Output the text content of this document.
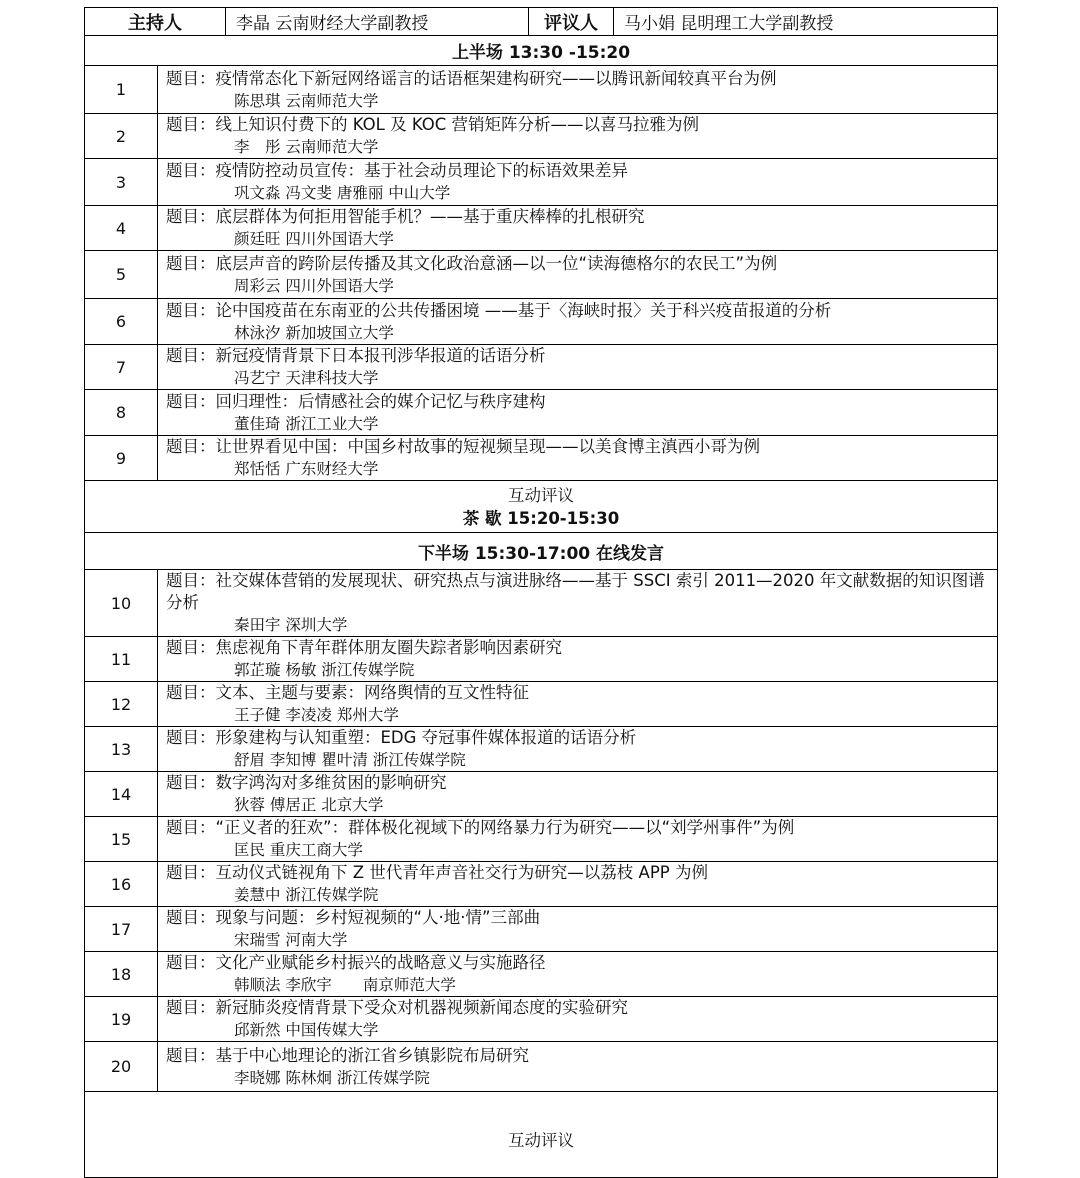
主持人		李晶 云南财经大学副教授	评议人	马小娟 昆明理工大学副教授
上半场 13:30 -15:20				
1	题目：疫情常态化下新冠网络谣言的话语框架建构研究——以腾讯新闻较真平台为例
陈思琪 云南师范大学			

2	题目：线上知识付费下的 KOL 及 KOC 营销矩阵分析——以喜马拉雅为例
李　彤 云南师范大学			

3	题目：疫情防控动员宣传：基于社会动员理论下的标语效果差异
巩文淼 冯文斐 唐雅丽 中山大学			

4	题目：底层群体为何拒用智能手机？——基于重庆棒棒的扎根研究
颜廷旺 四川外国语大学			

5	题目：底层声音的跨阶层传播及其文化政治意涵—以一位“读海德格尔的农民工”为例
周彩云 四川外国语大学			

6	题目：论中国疫苗在东南亚的公共传播困境 ——基于〈海峡时报〉关于科兴疫苗报道的分析
林泳汐 新加坡国立大学			

7	题目：新冠疫情背景下日本报刊涉华报道的话语分析
冯艺宁 天津科技大学			

8	题目：回归理性：后情感社会的媒介记忆与秩序建构
董佳琦 浙江工业大学			

9	题目：让世界看见中国：中国乡村故事的短视频呈现——以美食博主滇西小哥为例
郑恬恬 广东财经大学			

互动评议
茶 歇 15:20-15:30				

下半场 15:30-17:00 在线发言				
10	题目：社交媒体营销的发展现状、研究热点与演进脉络——基于 SSCI 索引 2011—2020 年文献数据的知识图谱分析
秦田宇 深圳大学			

11	题目：焦虑视角下青年群体朋友圈失踪者影响因素研究
郭芷璇 杨敏 浙江传媒学院			

12	题目：文本、主题与要素：网络舆情的互文性特征
王子健 李凌凌 郑州大学			

13	题目：形象建构与认知重塑：EDG 夺冠事件媒体报道的话语分析
舒眉 李知博 瞿叶清 浙江传媒学院			

14	题目：数字鸿沟对多维贫困的影响研究
狄蓉 傅居正 北京大学			

15	题目：“正义者的狂欢”：群体极化视域下的网络暴力行为研究——以“刘学州事件”为例
匡民 重庆工商大学			

16	题目：互动仪式链视角下 Z 世代青年声音社交行为研究—以荔枝 APP 为例
姜慧中 浙江传媒学院			

17	题目：现象与问题：乡村短视频的“人·地·情”三部曲
宋瑞雪 河南大学			

18	题目：文化产业赋能乡村振兴的战略意义与实施路径
韩顺法 李欣宇　　南京师范大学			

19	题目：新冠肺炎疫情背景下受众对机器视频新闻态度的实验研究
邱新然 中国传媒大学			

20	题目：基于中心地理论的浙江省乡镇影院布局研究
李晓娜 陈林炯 浙江传媒学院			

互动评议				
